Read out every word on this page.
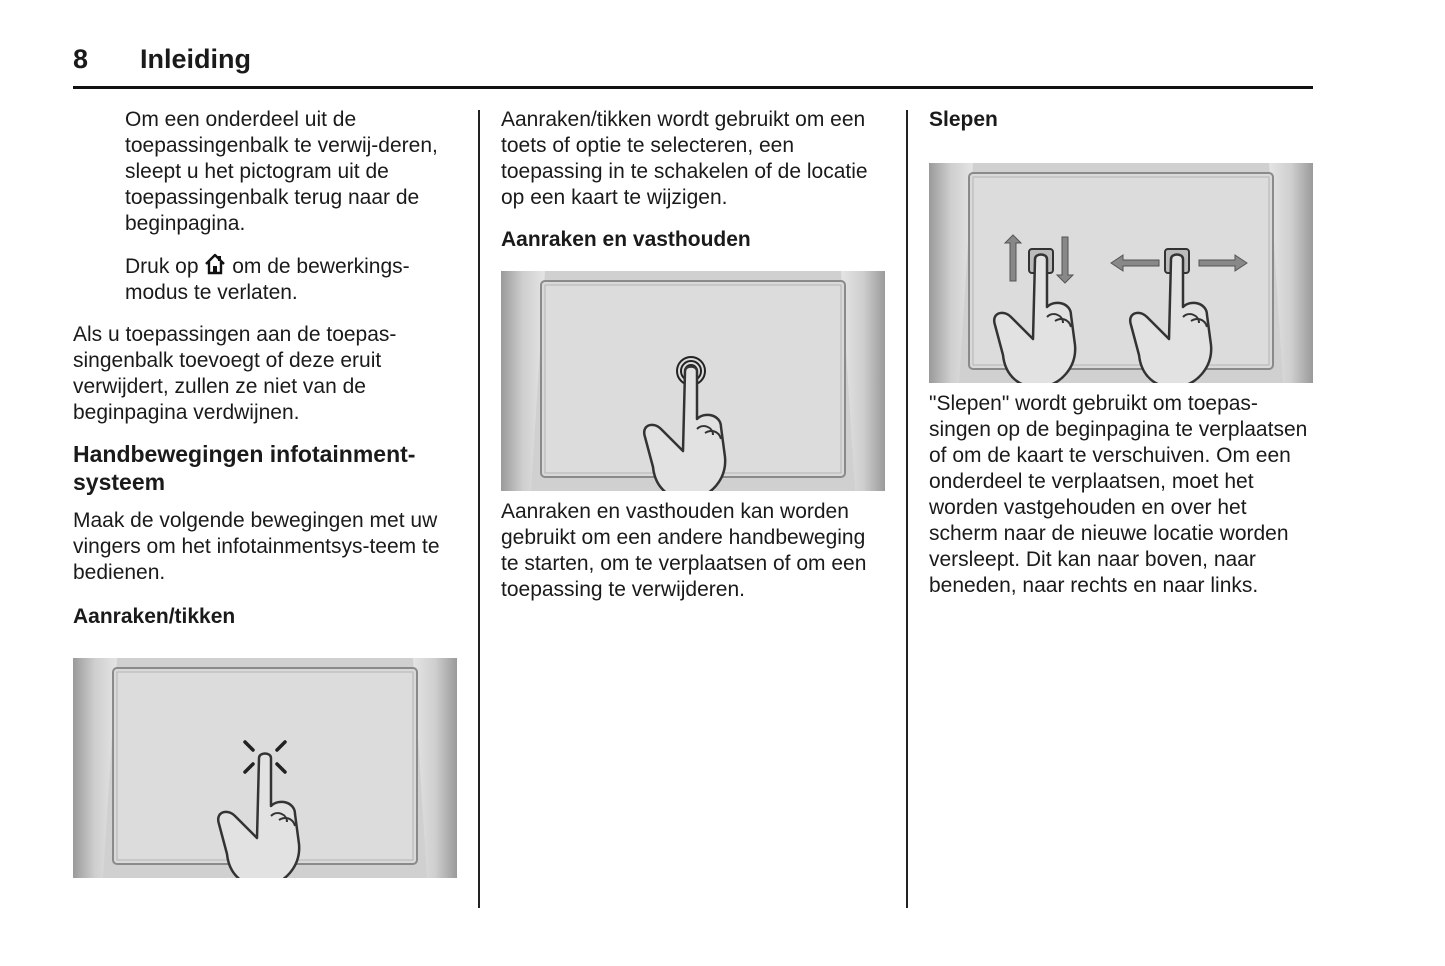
8 Inleiding

Om een onderdeel uit de toepassingenbalk te verwij-deren, sleept u het pictogram uit de toepassingenbalk terug naar de beginpagina.

Druk op om de bewerkings-modus te verlaten.

Als u toepassingen aan de toepas-singenbalk toevoegt of deze eruit verwijdert, zullen ze niet van de beginpagina verdwijnen.

Handbewegingen infotainment-systeem

Maak de volgende bewegingen met uw vingers om het infotainmentsys-teem te bedienen.

Aanraken/tikken

Aanraken/tikken wordt gebruikt om een toets of optie te selecteren, een toepassing in te schakelen of de locatie op een kaart te wijzigen.

Aanraken en vasthouden

Aanraken en vasthouden kan worden gebruikt om een andere handbeweging te starten, om te verplaatsen of om een toepassing te verwijderen.

Slepen

"Slepen" wordt gebruikt om toepas-singen op de beginpagina te verplaatsen of om de kaart te verschuiven. Om een onderdeel te verplaatsen, moet het worden vastgehouden en over het scherm naar de nieuwe locatie worden versleept. Dit kan naar boven, naar beneden, naar rechts en naar links.
